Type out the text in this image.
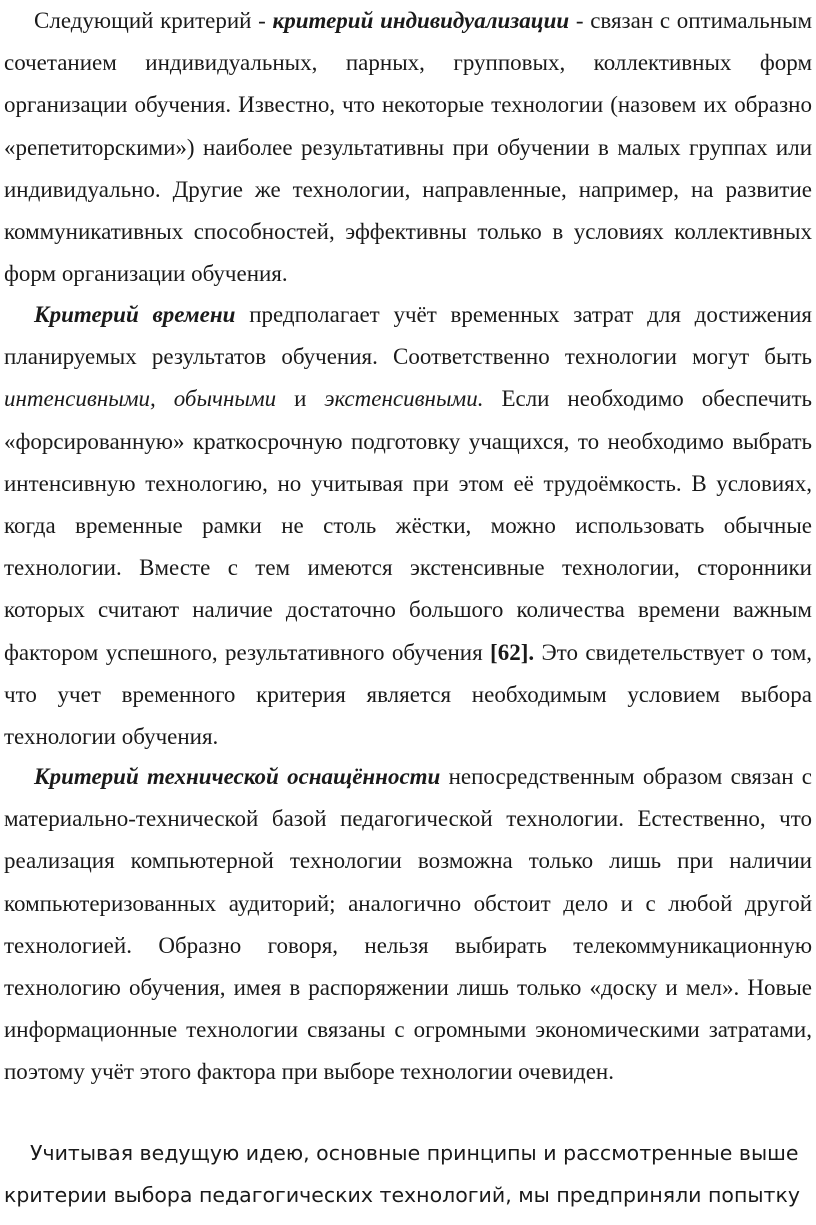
Следующий критерий - критерий индивидуализации - связан с оптимальным сочетанием индивидуальных, парных, групповых, коллективных форм организации обучения. Известно, что некоторые технологии (назовем их образно «репетиторскими») наиболее результативны при обучении в малых группах или индивидуально. Другие же технологии, направленные, например, на развитие коммуникативных способностей, эффективны только в условиях коллективных форм организации обучения.

Критерий времени предполагает учёт временных затрат для достижения планируемых результатов обучения. Соответственно технологии могут быть интенсивными, обычными и экстенсивными. Если необходимо обеспечить «форсированную» краткосрочную подготовку учащихся, то необходимо выбрать интенсивную технологию, но учитывая при этом её трудоёмкость. В условиях, когда временные рамки не столь жёстки, можно использовать обычные технологии. Вместе с тем имеются экстенсивные технологии, сторонники которых считают наличие достаточно большого количества времени важным фактором успешного, результативного обучения [62]. Это свидетельствует о том, что учет временного критерия является необходимым условием выбора технологии обучения.

Критерий технической оснащённости непосредственным образом связан с материально-технической базой педагогической технологии. Естественно, что реализация компьютерной технологии возможна только лишь при наличии компьютеризованных аудиторий; аналогично обстоит дело и с любой другой технологией. Образно говоря, нельзя выбирать телекоммуникационную технологию обучения, имея в распоряжении лишь только «доску и мел». Новые информационные технологии связаны с огромными экономическими затратами, поэтому учёт этого фактора при выборе технологии очевиден.

Учитывая ведущую идею, основные принципы и рассмотренные выше
критерии выбора педагогических технологий, мы предприняли попытку
